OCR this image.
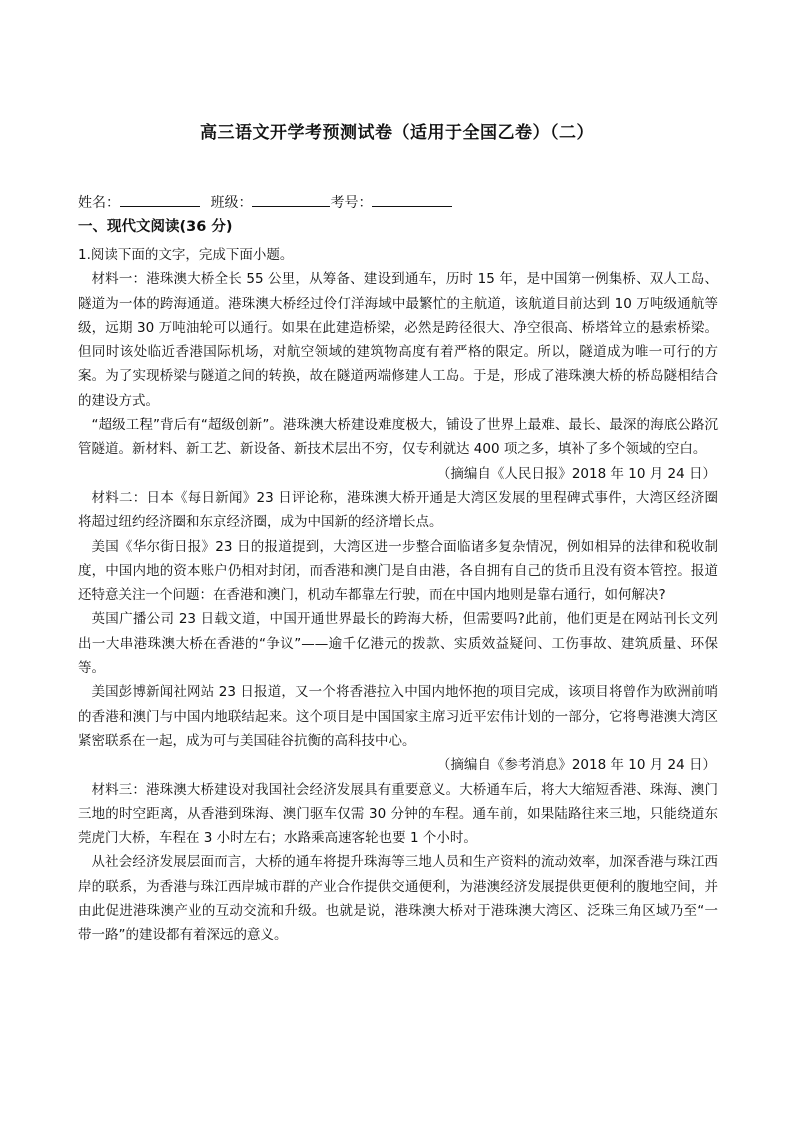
高三语文开学考预测试卷（适用于全国乙卷）（二）
姓名：	班级：	考号：
一、现代文阅读(36 分)

1.阅读下面的文字，完成下面小题。

材料一：港珠澳大桥全长 55 公里，从筹备、建设到通车，历时 15 年，是中国第一例集桥、双人工岛、隧道为一体的跨海通道。港珠澳大桥经过伶仃洋海域中最繁忙的主航道，该航道目前达到 10 万吨级通航等级，远期 30 万吨油轮可以通行。如果在此建造桥梁，必然是跨径很大、净空很高、桥塔耸立的悬索桥梁。但同时该处临近香港国际机场，对航空领域的建筑物高度有着严格的限定。所以，隧道成为唯一可行的方案。为了实现桥梁与隧道之间的转换，故在隧道两端修建人工岛。于是，形成了港珠澳大桥的桥岛隧相结合的建设方式。

“超级工程”背后有“超级创新”。港珠澳大桥建设难度极大，铺设了世界上最难、最长、最深的海底公路沉管隧道。新材料、新工艺、新设备、新技术层出不穷，仅专利就达 400 项之多，填补了多个领域的空白。

（摘编自《人民日报》2018 年 10 月 24 日）

材料二：日本《每日新闻》23 日评论称，港珠澳大桥开通是大湾区发展的里程碑式事件，大湾区经济圈将超过纽约经济圈和东京经济圈，成为中国新的经济增长点。

美国《华尔街日报》23 日的报道提到，大湾区进一步整合面临诸多复杂情况，例如相异的法律和税收制度，中国内地的资本账户仍相对封闭，而香港和澳门是自由港，各自拥有自己的货币且没有资本管控。报道还特意关注一个问题：在香港和澳门，机动车都靠左行驶，而在中国内地则是靠右通行，如何解决?

英国广播公司 23 日载文道，中国开通世界最长的跨海大桥，但需要吗?此前，他们更是在网站刊长文列出一大串港珠澳大桥在香港的“争议”——逾千亿港元的拨款、实质效益疑问、工伤事故、建筑质量、环保等。

美国彭博新闻社网站 23 日报道，又一个将香港拉入中国内地怀抱的项目完成，该项目将曾作为欧洲前哨的香港和澳门与中国内地联结起来。这个项目是中国国家主席习近平宏伟计划的一部分，它将粤港澳大湾区紧密联系在一起，成为可与美国硅谷抗衡的高科技中心。

（摘编自《参考消息》2018 年 10 月 24 日）

材料三：港珠澳大桥建设对我国社会经济发展具有重要意义。大桥通车后，将大大缩短香港、珠海、澳门三地的时空距离，从香港到珠海、澳门驱车仅需 30 分钟的车程。通车前，如果陆路往来三地，只能绕道东莞虎门大桥，车程在 3 小时左右；水路乘高速客轮也要 1 个小时。

从社会经济发展层面而言，大桥的通车将提升珠海等三地人员和生产资料的流动效率，加深香港与珠江西岸的联系，为香港与珠江西岸城市群的产业合作提供交通便利，为港澳经济发展提供更便利的腹地空间，并由此促进港珠澳产业的互动交流和升级。也就是说，港珠澳大桥对于港珠澳大湾区、泛珠三角区域乃至“一带一路”的建设都有着深远的意义。
